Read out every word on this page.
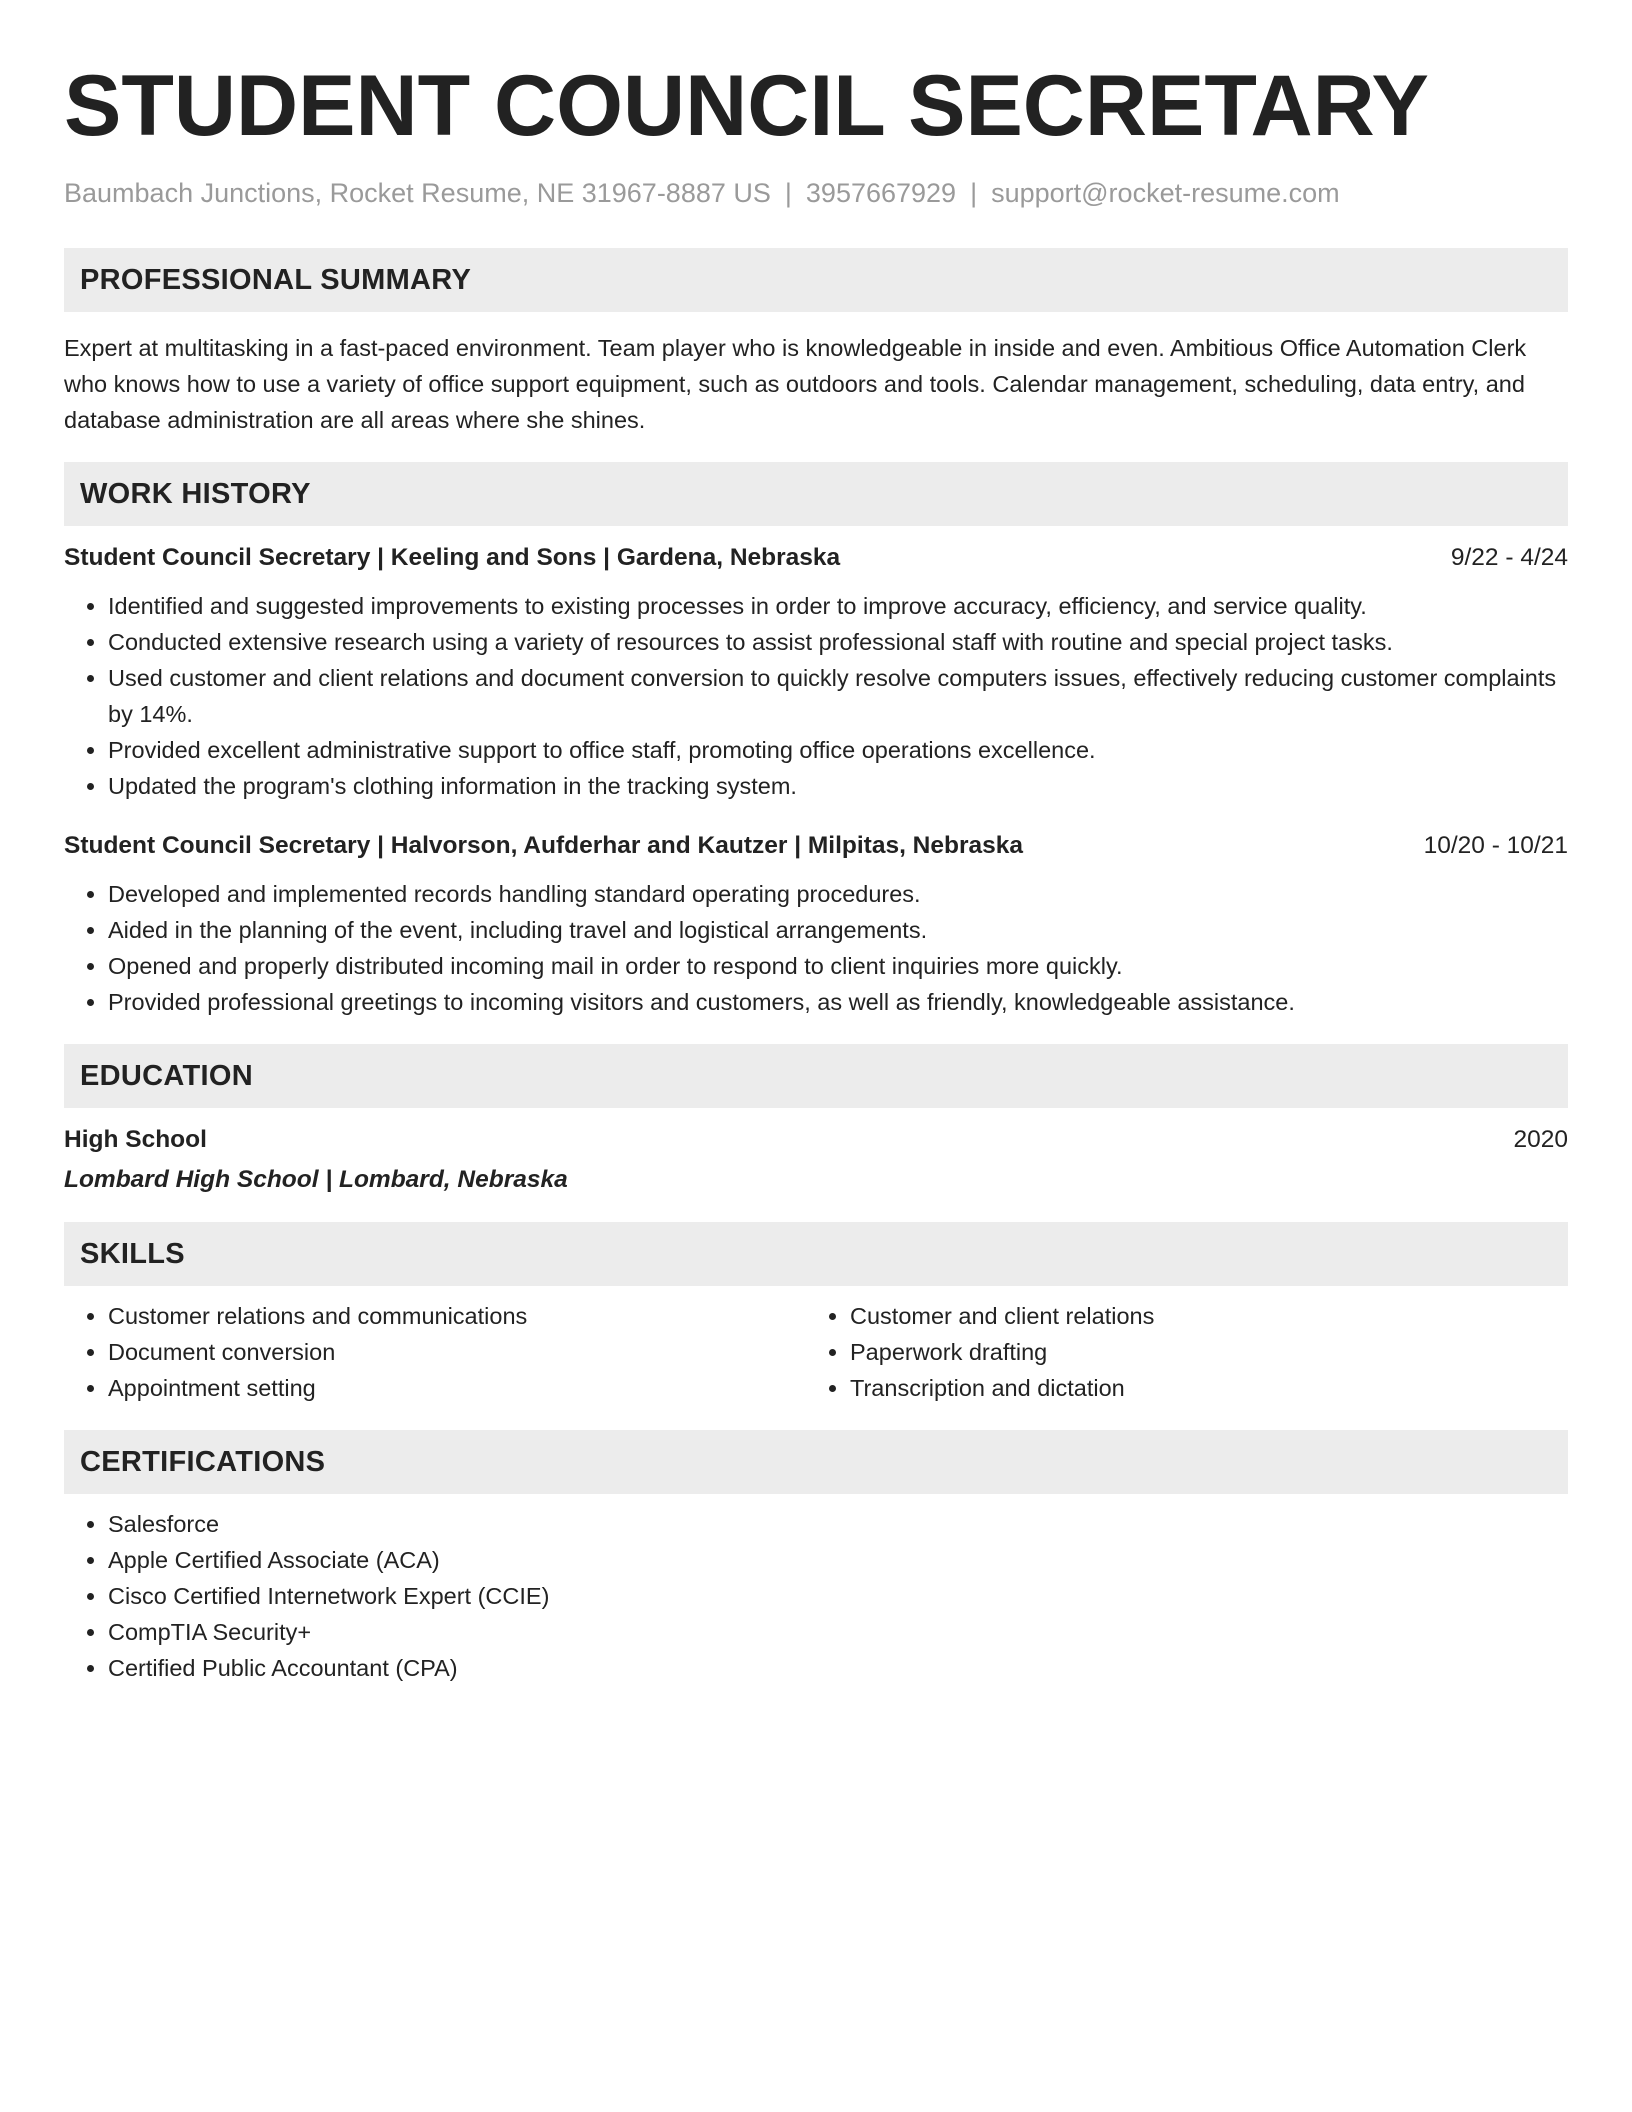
STUDENT COUNCIL SECRETARY
Baumbach Junctions, Rocket Resume, NE 31967-8887 US | 3957667929 | support@rocket-resume.com
PROFESSIONAL SUMMARY
Expert at multitasking in a fast-paced environment. Team player who is knowledgeable in inside and even. Ambitious Office Automation Clerk who knows how to use a variety of office support equipment, such as outdoors and tools. Calendar management, scheduling, data entry, and database administration are all areas where she shines.
WORK HISTORY
Student Council Secretary | Keeling and Sons | Gardena, Nebraska	9/22 - 4/24
• Identified and suggested improvements to existing processes in order to improve accuracy, efficiency, and service quality.
• Conducted extensive research using a variety of resources to assist professional staff with routine and special project tasks.
• Used customer and client relations and document conversion to quickly resolve computers issues, effectively reducing customer complaints by 14%.
• Provided excellent administrative support to office staff, promoting office operations excellence.
• Updated the program's clothing information in the tracking system.
Student Council Secretary | Halvorson, Aufderhar and Kautzer | Milpitas, Nebraska	10/20 - 10/21
• Developed and implemented records handling standard operating procedures.
• Aided in the planning of the event, including travel and logistical arrangements.
• Opened and properly distributed incoming mail in order to respond to client inquiries more quickly.
• Provided professional greetings to incoming visitors and customers, as well as friendly, knowledgeable assistance.
EDUCATION
High School	2020
Lombard High School | Lombard, Nebraska
SKILLS
• Customer relations and communications
• Document conversion
• Appointment setting
• Customer and client relations
• Paperwork drafting
• Transcription and dictation
CERTIFICATIONS
• Salesforce
• Apple Certified Associate (ACA)
• Cisco Certified Internetwork Expert (CCIE)
• CompTIA Security+
• Certified Public Accountant (CPA)
